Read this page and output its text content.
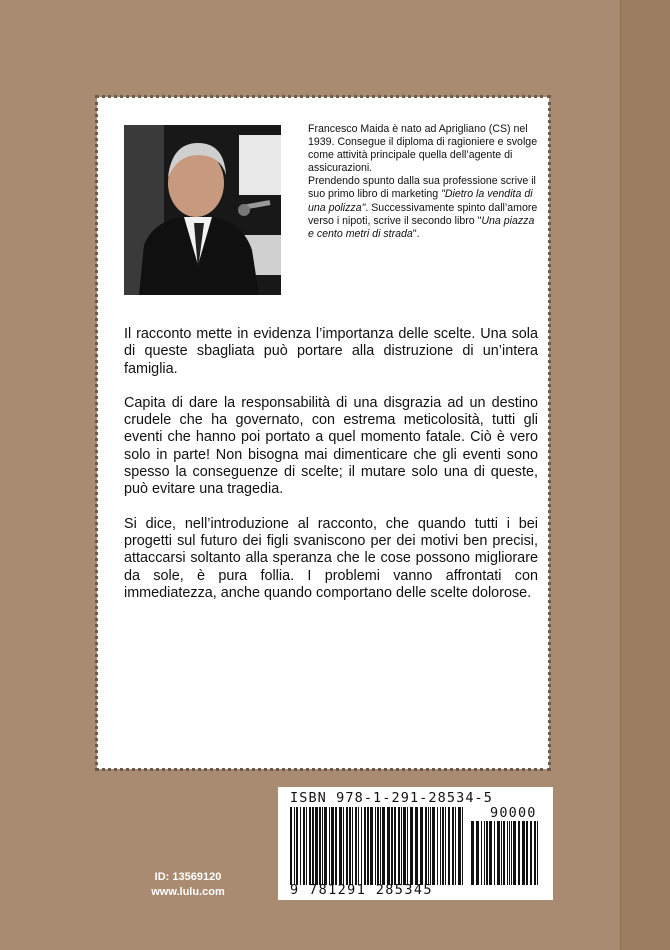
Francesco Maida è nato ad Aprigliano (CS) nel 1939. Consegue il diploma di ragioniere e svolge come attività principale quella dell’agente di assicurazioni.

Prendendo spunto dalla sua professione scrive il suo primo libro di marketing "Dietro la vendita di una polizza". Successivamente spinto dall’amore verso i nipoti, scrive il secondo libro "Una piazza e cento metri di strada".

Il racconto mette in evidenza l’importanza delle scelte. Una sola di queste sbagliata può portare alla distruzione di un’intera famiglia.

Capita di dare la responsabilità di una disgrazia ad un destino crudele che ha governato, con estrema meticolosità, tutti gli eventi che hanno poi portato a quel momento fatale. Ciò è vero solo in parte! Non bisogna mai dimenticare che gli eventi sono spesso la conseguenze di scelte; il mutare solo una di queste, può evitare una tragedia.

Si dice, nell’introduzione al racconto, che quando tutti i bei progetti sul futuro dei figli svaniscono per dei motivi ben precisi, attaccarsi soltanto alla speranza che le cose possono migliorare da sole, è pura follia. I problemi vanno affrontati con immediatezza, anche quando comportano delle scelte dolorose.

ISBN 978-1-291-28534-5
90000
9 781291 285345
ID: 13569120
www.lulu.com
